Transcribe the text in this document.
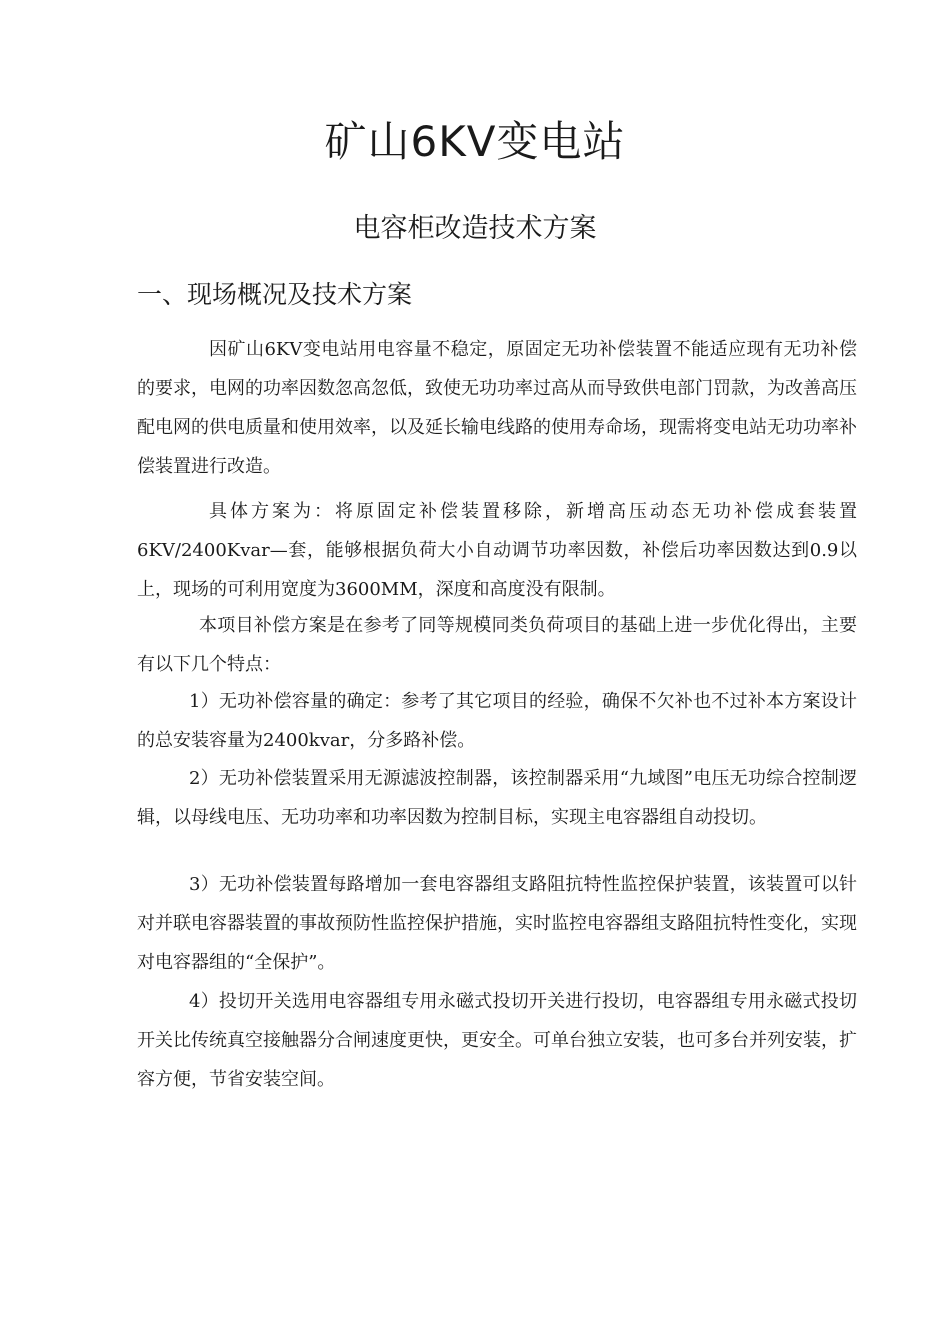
矿山6KV变电站
电容柜改造技术方案
一、现场概况及技术方案

因矿山6KV变电站用电容量不稳定，原固定无功补偿装置不能适应现有无功补偿的要求，电网的功率因数忽高忽低，致使无功功率过高从而导致供电部门罚款，为改善高压配电网的供电质量和使用效率，以及延长输电线路的使用寿命场，现需将变电站无功功率补偿装置进行改造。

具体方案为：将原固定补偿装置移除，新增高压动态无功补偿成套装置6KV/2400Kvar—套，能够根据负荷大小自动调节功率因数，补偿后功率因数达到0.9以上，现场的可利用宽度为3600MM，深度和高度没有限制。

本项目补偿方案是在参考了同等规模同类负荷项目的基础上进一步优化得出，主要有以下几个特点：

1）无功补偿容量的确定：参考了其它项目的经验，确保不欠补也不过补本方案设计的总安装容量为2400kvar，分多路补偿。

2）无功补偿装置采用无源滤波控制器，该控制器采用“九域图”电压无功综合控制逻辑，以母线电压、无功功率和功率因数为控制目标，实现主电容器组自动投切。

3）无功补偿装置每路增加一套电容器组支路阻抗特性监控保护装置，该装置可以针对并联电容器装置的事故预防性监控保护措施，实时监控电容器组支路阻抗特性变化，实现对电容器组的“全保护”。

4）投切开关选用电容器组专用永磁式投切开关进行投切，电容器组专用永磁式投切开关比传统真空接触器分合闸速度更快，更安全。可单台独立安装，也可多台并列安装，扩容方便，节省安装空间。
